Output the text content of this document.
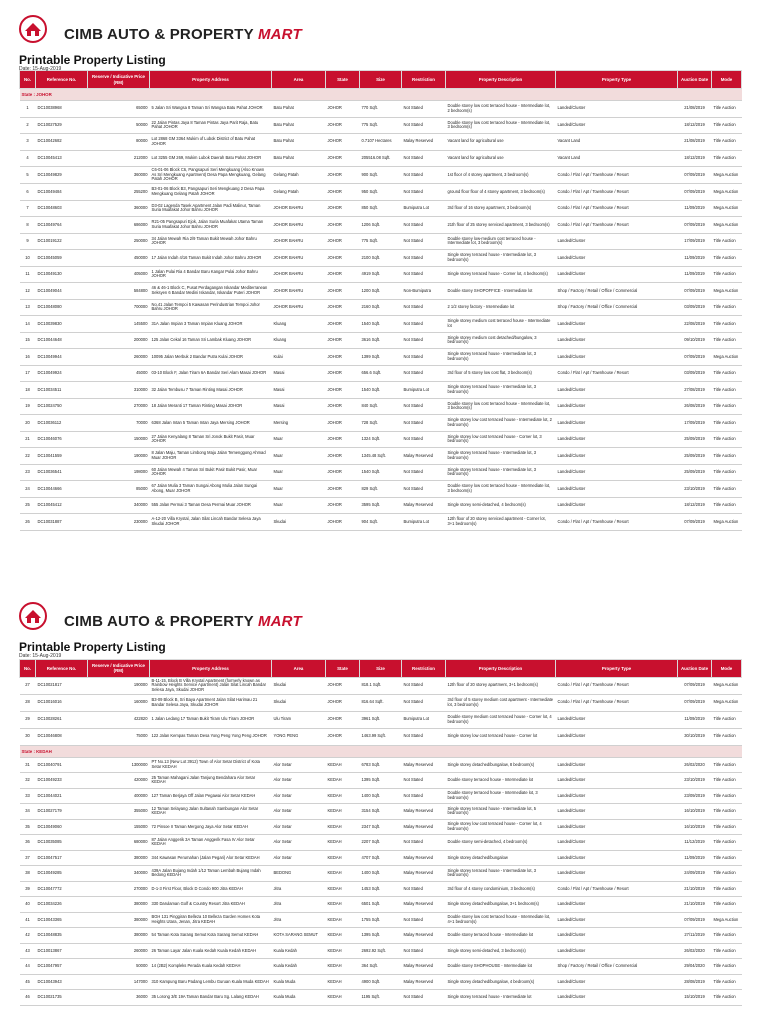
CIMB AUTO & PROPERTY MART
Printable Property Listing
Date: 15-Aug-2019
No.	Reference No.	Reserve / Indicative Price (RM)	Property Address	Area	State	Size	Restriction	Property Description	Property Type	Auction Date	Mode
State : JOHOR											
1	DC10038968	65000	5 Jalan Sri Wangsa 8 Taman Sri Wangsa Batu Pahat JOHOR	Batu Pahat	JOHOR	770 Sqft.	Not Stated	Double storey low cost terraced house - Intermediate lot, 2 bedroom(s)	Landed/Cluster	21/08/2019	Title Auction
2	DC10027529	50000	22 Jalan Pintas Jaya 8 Taman Pintas Jaya Parit Raja, Batu Pahat JOHOR	Batu Pahat	JOHOR	775 Sqft.	Not Stated	Double storey low cost terraced house - Intermediate lot, 3 bedroom(s)	Landed/Cluster	18/12/2019	Title Auction
3	DC10042682	80000	Lot 2868 GM 3364 Mukim of Lubok District of Batu Pahat JOHOR	Batu Pahat	JOHOR	0.7107 Hectares	Malay Reserved	Vacant land for agricultural use	Vacant Land	21/08/2019	Title Auction
4	DC10045413	212000	Lot 3255 GM 269, Mukim Lubok Daerah Batu Pahat JOHOR	Batu Pahat	JOHOR	205516.08 Sqft.	Not Stated	Vacant land for agricultural use	Vacant Land	18/12/2019	Title Auction
5	DC10049829	360000	C6-01-06 Block C6, Pangsapuri Seri Mengkuang (Also Known As Sri Mengkuang Apartment) Desa Papa Mengkuang, Gelang Patah JOHOR	Gelang Patah	JOHOR	900 Sqft.	Not Stated	1st floor of 4 storey apartment, 3 bedroom(s)	Condo / Flat / Apt / Townhouse / Resort	07/09/2019	Mega Auction
6	DC10049484	255200	B3-01-06 Block B3, Pangsapuri Seri Mengkuang 2 Desa Papa Mengkuang Gelang Patah JOHOR	Gelang Patah	JOHOR	950 Sqft.	Not Stated	ground floor floor of 4 storey apartment, 3 bedroom(s)	Condo / Flat / Apt / Townhouse / Resort	07/09/2019	Mega Auction
7	DC10048603	360000	D3-02 Lagenda Tasek Apartment Jalan Padi Malinur, Taman Suria Muafakat Johor Bahru JOHOR	JOHOR BAHRU	JOHOR	850 Sqft.	Bumiputra Lot	3rd floor of 16 storey apartment, 3 bedroom(s)	Condo / Flat / Apt / Townhouse / Resort	11/09/2019	Mega Auction
8	DC10049764	686000	R21-05 Pangsapuri Ejok, Jalan Suria Muafakat Utama Taman Suria Muafakat Johor Bahru JOHOR	JOHOR BAHRU	JOHOR	1206 Sqft.	Not Stated	21th floor of 25 storey serviced apartment, 3 bedroom(s)	Condo / Flat / Apt / Townhouse / Resort	07/09/2019	Mega Auction
9	DC10019122	250000	34 Jalan Mewah Ria 2/9 Taman Bukit Mewah Johor Bahru JOHOR	JOHOR BAHRU	JOHOR	775 Sqft.	Not Stated	Double storey low-medium cost terraced house - Intermediate lot, 3 bedroom(s)	Landed/Cluster	17/09/2019	Title Auction
10	DC10045059	450000	17 Jalan Indah 4/16 Taman Bukit Indah Johor Bahru JOHOR	JOHOR BAHRU	JOHOR	2100 Sqft.	Not Stated	Single storey terraced house - Intermediate lot, 3 bedroom(s)	Landed/Cluster	11/09/2019	Title Auction
11	DC10049130	405000	1 Jalan Pulai Ria 4 Bandar Baru Kangar Pulai Johor Bahru JOHOR	JOHOR BAHRU	JOHOR	4919 Sqft.	Not Stated	Single storey terraced house - Corner lot, 4 bedroom(s)	Landed/Cluster	11/09/2019	Title Auction
12	DC10049044	584800	46 & 46-1 Block C, Pusat Perdagangan Iskandar Mediterranean Seksyen 6 Bandar Medini Iskandar, Iskandar Puteri JOHOR	JOHOR BAHRU	JOHOR	1200 Sqft.	Non-Bumiputra	Double storey SHOPOFFICE - Intermediate lot	Shop / Factory / Retail / Office / Commercial	07/09/2019	Mega Auction
13	DC10048080	700000	No.41 Jalan Tempoi 5 Kawasan Perindustrian Tempoi Johor Bahru JOHOR	JOHOR BAHRU	JOHOR	2160 Sqft.	Not Stated	2 1/2 storey factory - Intermediate lot	Shop / Factory / Retail / Office / Commercial	03/09/2019	Title Auction
14	DC10039830	145500	31A Jalan Impian 3 Taman Impian Kluang JOHOR	Kluang	JOHOR	1540 Sqft.	Not Stated	Single storey medium cost terraced house - Intermediate lot	Landed/Cluster	22/08/2019	Title Auction
15	DC10044648	200000	125 Jalan Cekal 16 Taman Sri Lambak Kluang JOHOR	Kluang	JOHOR	3616 Sqft.	Not Stated	Single storey medium cost detached/bungalow, 3 bedroom(s)	Landed/Cluster	09/10/2019	Title Auction
16	DC10049944	260000	10095 Jalan Merbuk 2 Bandar Putra Kulai JOHOR	Kulai	JOHOR	1399 Sqft.	Not Stated	Single storey terraced house - Intermediate lot, 3 bedroom(s)	Landed/Cluster	07/09/2019	Mega Auction
17	DC10049924	45000	03-10 Block F, Jalan Tiram 6A Bandar Seri Alam Masai JOHOR	Masai	JOHOR	656.6 Sqft.	Not Stated	3rd floor of 5 storey low cost flat, 3 bedroom(s)	Condo / Flat / Apt / Townhouse / Resort	03/09/2019	Title Auction
18	DC10034511	310000	32 Jalan Tembusu 7 Taman Rinting Masai JOHOR	Masai	JOHOR	1540 Sqft.	Bumiputra Lot	Single storey terraced house - Intermediate lot, 3 bedroom(s)	Landed/Cluster	27/08/2019	Title Auction
19	DC10024750	270000	18 Jalan Meranti 17 Taman Rinting Masai JOHOR	Masai	JOHOR	840 Sqft.	Not Stated	Double storey low cost terraced house - Intermediate lot, 3 bedroom(s)	Landed/Cluster	26/08/2019	Title Auction
20	DC10036112	70000	6368 Jalan Intan 5 Taman Intan Jaya Mersing JOHOR	Mersing	JOHOR	728 Sqft.	Not Stated	Single storey low cost terraced house - Intermediate lot, 2 bedroom(s)	Landed/Cluster	17/09/2019	Title Auction
21	DC10046076	150000	27 Jalan Kenyalang 8 Taman Sri Jonok Bukit Pasir, Muar JOHOR	Muar	JOHOR	1324 Sqft.	Not Stated	Single storey low cost terraced house - Corner lot, 3 bedroom(s)	Landed/Cluster	25/09/2019	Title Auction
22	DC10041559	190000	8 Jalan Maju, Taman Limbong Maju Jalan Temenggong Ahmad Muar JOHOR	Muar	JOHOR	1345.48 Sqft.	Malay Reserved	Single storey terraced house - Intermediate lot, 3 bedroom(s)	Landed/Cluster	25/09/2019	Title Auction
23	DC10036541	198000	60 Jalan Mewah 4 Taman Sri Bukit Pasir Bukit Pasir, Muar JOHOR	Muar	JOHOR	1540 Sqft.	Not Stated	Single storey terraced house - Intermediate lot, 3 bedroom(s)	Landed/Cluster	25/09/2019	Title Auction
24	DC10044666	85000	67 Jalan Mulia 3 Taman Sungai Abong Mulia Jalan Sungai Abong, Muar JOHOR	Muar	JOHOR	829 Sqft.	Not Stated	Double storey low cost terraced house - Intermediate lot, 3 bedroom(s)	Landed/Cluster	23/10/2019	Title Auction
25	DC10045412	340000	555 Jalan Permai 3 Taman Desa Permai Muar JOHOR	Muar	JOHOR	3595 Sqft.	Malay Reserved	Single storey semi-detached, 4 bedroom(s)	Landed/Cluster	18/12/2019	Title Auction
26	DC10031887	230000	A-12-20 Villa Krystal, Jalan Silat Lincah Bandar Selesa Jaya Skudai JOHOR	Skudai	JOHOR	904 Sqft.	Bumiputra Lot	12th floor of 20 storey serviced apartment - Corner lot, 3+1 bedroom(s)	Condo / Flat / Apt / Townhouse / Resort	07/09/2019	Mega Auction
CIMB AUTO & PROPERTY MART
Printable Property Listing
Date: 15-Aug-2019
No.	Reference No.	Reserve / Indicative Price (RM)	Property Address	Area	State	Size	Restriction	Property Description	Property Type	Auction Date	Mode
27	DC10021817	190000	B-11-15, Block B Villa Krystal Apartment (formerly known as Rainbow Heights Service Apartment) Jalan Silat Lincah Bandar Selesa Jaya, Skudai JOHOR	Skudai	JOHOR	818.1 Sqft.	Not Stated	12th floor of 20 storey apartment, 3+1 bedroom(s)	Condo / Flat / Apt / Townhouse / Resort	07/09/2019	Mega Auction
28	DC10016016	160000	B3-09 Block B, Sri Baya Apartment Jalan Silat Harimau 21 Bandar Selesa Jaya, Skudai JOHOR	Skudai	JOHOR	816.64 Sqft.	Not Stated	3rd floor of 5 storey medium cost apartment - Intermediate lot, 3 bedroom(s)	Condo / Flat / Apt / Townhouse / Resort	07/09/2019	Mega Auction
29	DC10028261	422820	1 Jalan Ledang 17 Taman Bukit Tiram Ulu Tiram JOHOR	Ulu Tiram	JOHOR	3961 Sqft.	Bumiputra Lot	Double storey medium cost terraced house - Corner lot, 4 bedroom(s)	Landed/Cluster	11/09/2019	Title Auction
30	DC10046808	75000	122 Jalan Kempas Taman Desa Yong Peng Yong Peng JOHOR	YONG PENG	JOHOR	1463.99 Sqft.	Not Stated	Single storey low cost terraced house - Corner lot	Landed/Cluster	30/10/2019	Title Auction
State : KEDAH											
31	DC10040791	1300000	PT No.13 (New Lot 3912) Town of Alor Setar District of Kota Setar KEDAH	Alor Setar	KEDAH	6783 Sqft.	Malay Reserved	Single storey detached/bungalow, 8 bedroom(s)	Landed/Cluster	26/02/2020	Title Auction
32	DC10049233	420000	25 Taman Mahagani Jalan Tanjung Bendahara Alor Setar KEDAH	Alor Setar	KEDAH	1395 Sqft.	Not Stated	Double storey terraced house - Intermediate lot	Landed/Cluster	23/10/2019	Title Auction
33	DC10044021	400000	127 Taman Berjaya Off Jalan Pegawai Alor Setar KEDAH	Alor Setar	KEDAH	1400 Sqft.	Not Stated	Double storey terraced house - Intermediate lot, 3 bedroom(s)	Landed/Cluster	23/09/2019	Title Auction
34	DC10027179	355000	12 Taman Selayang Jalan Sultanah Sambungan Alor Setar KEDAH	Alor Setar	KEDAH	3154 Sqft.	Malay Reserved	Single storey terraced house - Intermediate lot, 5 bedroom(s)	Landed/Cluster	16/10/2019	Title Auction
35	DC10049060	155000	72 Pinsoe II Taman Mergong Jaya Alor Setar KEDAH	Alor Setar	KEDAH	2347 Sqft.	Malay Reserved	Single storey low cost terraced house - Corner lot, 4 bedroom(s)	Landed/Cluster	16/10/2019	Title Auction
36	DC10035085	680000	87 Jalan Anggerik 3A Taman Anggerik Fasa IV Alor Setar KEDAH	Alor Setar	KEDAH	2207 Sqft.	Not Stated	Double storey semi-detached, 4 bedroom(s)	Landed/Cluster	11/12/2019	Title Auction
37	DC10047517	380000	344 Kawasan Perumahan (Jalan Pegari) Alor Setar KEDAH	Alor Setar	KEDAH	4707 Sqft.	Malay Reserved	Single storey detached/bungalow	Landed/Cluster	11/09/2019	Title Auction
38	DC10049285	340000	439A Jalan Bujang Indah 1/12 Taman Lembah Bujang Indah Bedong KEDAH	BEDONG	KEDAH	1400 Sqft.	Malay Reserved	Single storey terraced house - Intermediate lot, 3 bedroom(s)	Landed/Cluster	24/09/2019	Title Auction
39	DC10047772	270000	D-1-3 First Floor, Block D Condo 900 Jitra KEDAH	Jitra	KEDAH	1453 Sqft.	Not Stated	3rd floor of 4 storey condominium, 3 bedroom(s)	Condo / Flat / Apt / Townhouse / Resort	21/10/2019	Title Auction
40	DC10034226	380000	330 Darulaman Golf & Country Resort Jitra KEDAH	Jitra	KEDAH	6501 Sqft.	Malay Reserved	Single storey detached/bungalow, 3+1 bedroom(s)	Landed/Cluster	21/10/2019	Title Auction
41	DC10043365	380000	BGH 131 Pinggiran Belleza 10 Belleza Garden Homes Kota Heights Utara, Jenan, Jitra KEDAH	Jitra	KEDAH	1755 Sqft.	Not Stated	Double storey low cost terraced house - Intermediate lot, 4+1 bedroom(s)	Landed/Cluster	07/09/2019	Mega Auction
42	DC10048835	380000	54 Taman Kota Sarang Semut Kota Sarang Semut KEDAH	KOTA SARANG SEMUT	KEDAH	1395 Sqft.	Malay Reserved	Double storey terraced house - Intermediate lot	Landed/Cluster	27/11/2019	Title Auction
43	DC10013867	260000	26 Taman Layar Jalan Kuala Kedah Kuala Kedah KEDAH	Kuala Kedah	KEDAH	2692.92 Sqft.	Not Stated	Single storey semi-detached, 3 bedroom(s)	Landed/Cluster	26/02/2020	Title Auction
44	DC10047957	50000	14 (2B2) Kompleks Perada Kuala Kedah KEDAH	Kuala Kedah	KEDAH	364 Sqft.	Malay Reserved	Double storey SHOPHOUSE - Intermediate lot	Shop / Factory / Retail / Office / Commercial	29/04/2020	Title Auction
45	DC10043943	147000	310 Kampung Baru Padang Lembu Guruan Kuala Muda KEDAH	Kuala Muda	KEDAH	4900 Sqft.	Malay Reserved	Single storey detached/bungalow, 4 bedroom(s)	Landed/Cluster	28/08/2019	Title Auction
46	DC10021735	36000	35 Lorong 3/E 19A Taman Bandar Baru Sg. Lalang KEDAH	Kuala Muda	KEDAH	1195 Sqft.	Not Stated	Single storey terraced house - Intermediate lot	Landed/Cluster	15/10/2019	Title Auction
